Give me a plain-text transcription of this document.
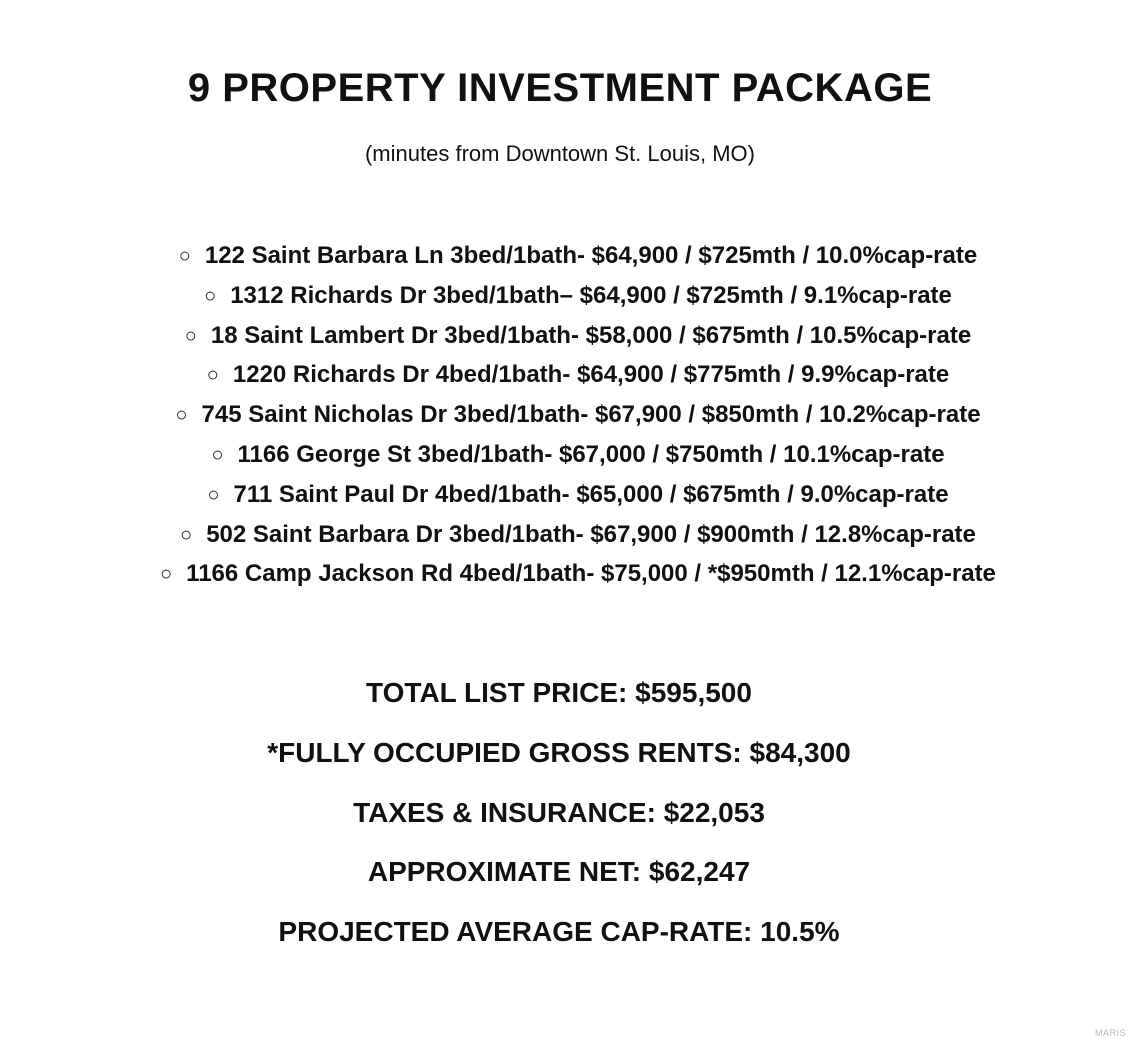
9 PROPERTY INVESTMENT PACKAGE

(minutes from Downtown St. Louis, MO)

○ 122 Saint Barbara Ln 3bed/1bath- $64,900 / $725mth / 10.0%cap-rate
○ 1312 Richards Dr 3bed/1bath– $64,900 / $725mth / 9.1%cap-rate
○ 18 Saint Lambert Dr 3bed/1bath- $58,000 / $675mth / 10.5%cap-rate
○ 1220 Richards Dr 4bed/1bath- $64,900 / $775mth / 9.9%cap-rate
○ 745 Saint Nicholas Dr 3bed/1bath- $67,900 / $850mth / 10.2%cap-rate
○ 1166 George St 3bed/1bath- $67,000 / $750mth / 10.1%cap-rate
○ 711 Saint Paul Dr 4bed/1bath- $65,000 / $675mth / 9.0%cap-rate
○ 502 Saint Barbara Dr 3bed/1bath- $67,900 / $900mth / 12.8%cap-rate
○ 1166 Camp Jackson Rd 4bed/1bath- $75,000 / *$950mth / 12.1%cap-rate
TOTAL LIST PRICE: $595,500
*FULLY OCCUPIED GROSS RENTS: $84,300
TAXES & INSURANCE: $22,053
APPROXIMATE NET: $62,247
PROJECTED AVERAGE CAP-RATE: 10.5%
MARIS
